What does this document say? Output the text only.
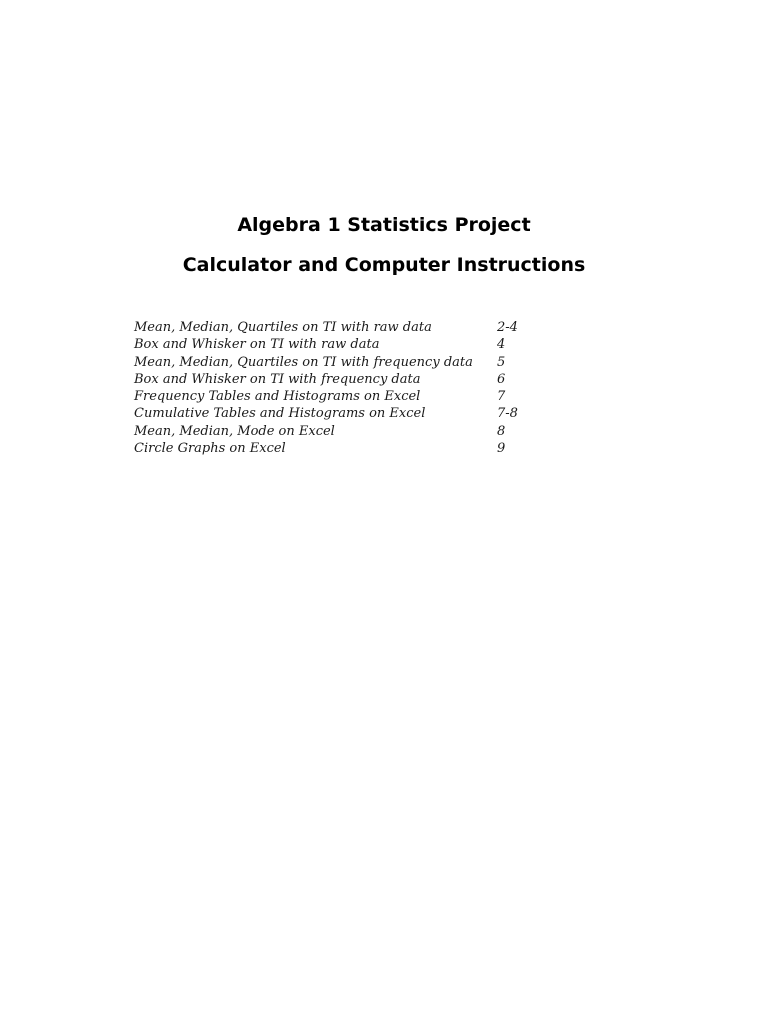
Algebra 1 Statistics Project
Calculator and Computer Instructions
Mean, Median, Quartiles on TI with raw data	2-4
Box and Whisker on TI with raw data	4
Mean, Median, Quartiles on TI with frequency data	5
Box and Whisker on TI with frequency data	6
Frequency Tables and Histograms on Excel	7
Cumulative Tables and Histograms on Excel	7-8
Mean, Median, Mode on Excel	8
Circle Graphs on Excel	9
